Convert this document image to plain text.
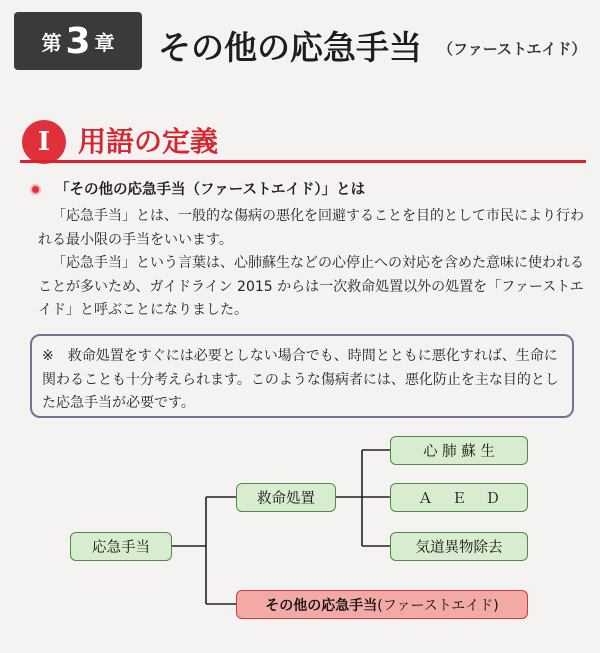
第 3 章 その他の応急手当 （ファーストエイド）
I 用語の定義
「その他の応急手当（ファーストエイド）」とは

「応急手当」とは、一般的な傷病の悪化を回避することを目的として市民により行われる最小限の手当をいいます。

「応急手当」という言葉は、心肺蘇生などの心停止への対応を含めた意味に使われることが多いため、ガイドライン 2015 からは一次救命処置以外の処置を「ファーストエイド」と呼ぶことになりました。

※　救命処置をすぐには必要としない場合でも、時間とともに悪化すれば、生命に関わることも十分考えられます。このような傷病者には、悪化防止を主な目的とした応急手当が必要です。
応急手当
救命処置
心 肺 蘇 生
Ａ　 Ｅ　 Ｄ
気道異物除去
その他の応急手当 (ファーストエイド)
